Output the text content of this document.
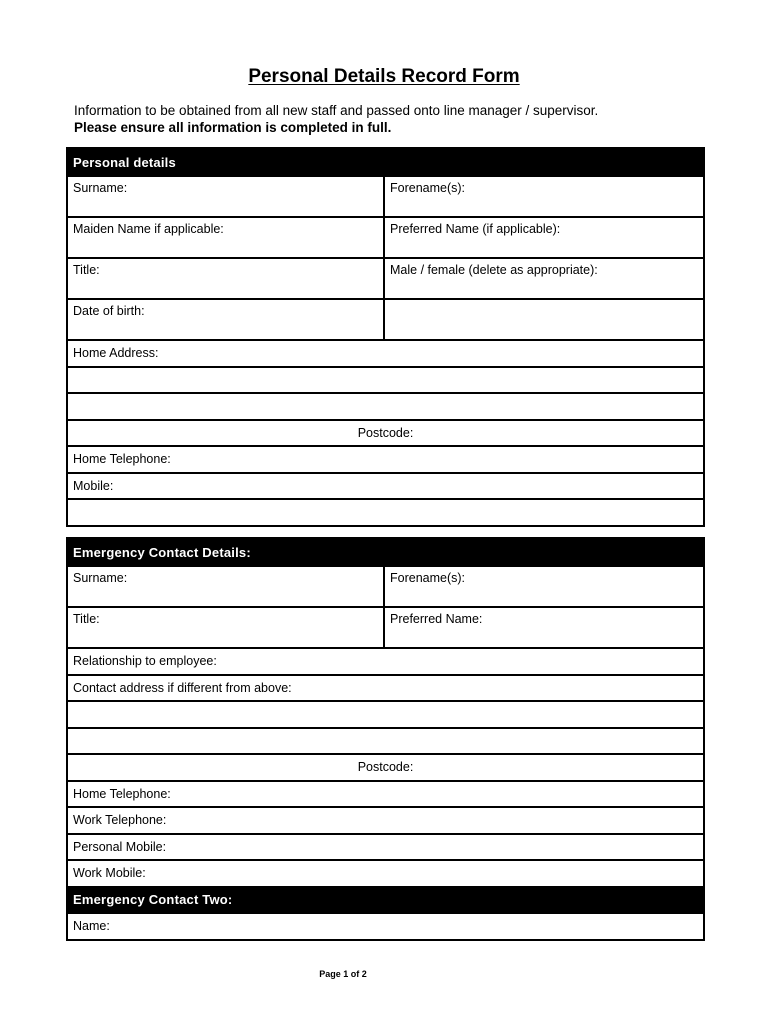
Personal Details Record Form
Information to be obtained from all new staff and passed onto line manager / supervisor.
Please ensure all information is completed in full.
Personal details	
Surname:	Forename(s):
Maiden Name if applicable:	Preferred Name (if applicable):
Title:	Male / female (delete as appropriate):
Date of birth:	
Home Address:	

Postcode:	
Home Telephone:	
Mobile:	

Emergency Contact Details:	
Surname:	Forename(s):
Title:	Preferred Name:
Relationship to employee:	
Contact address if different from above:	

Postcode:	
Home Telephone:	
Work Telephone:	
Personal Mobile:	
Work Mobile:	
Emergency Contact Two:	
Name:	
Page 1 of 2
